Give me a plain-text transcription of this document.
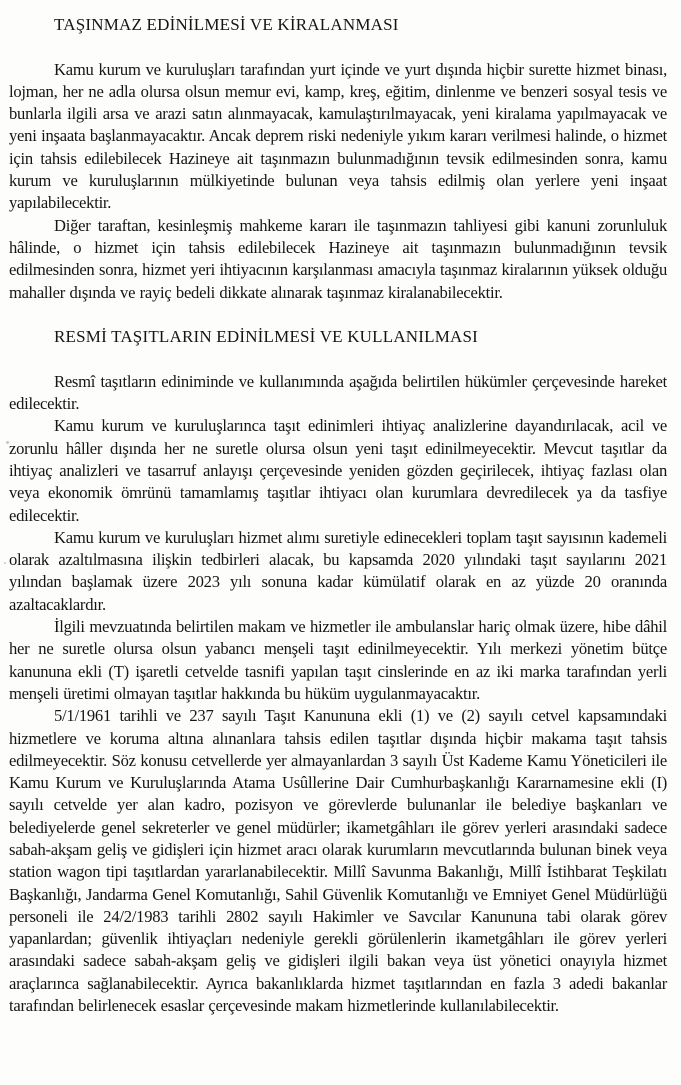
TAŞINMAZ EDİNİLMESİ VE KİRALANMASI

Kamu kurum ve kuruluşları tarafından yurt içinde ve yurt dışında hiçbir surette hizmet binası, lojman, her ne adla olursa olsun memur evi, kamp, kreş, eğitim, dinlenme ve benzeri sosyal tesis ve bunlarla ilgili arsa ve arazi satın alınmayacak, kamulaştırılmayacak, yeni kiralama yapılmayacak ve yeni inşaata başlanmayacaktır. Ancak deprem riski nedeniyle yıkım kararı verilmesi halinde, o hizmet için tahsis edilebilecek Hazineye ait taşınmazın bulunmadığının tevsik edilmesinden sonra, kamu kurum ve kuruluşlarının mülkiyetinde bulunan veya tahsis edilmiş olan yerlere yeni inşaat yapılabilecektir.

Diğer taraftan, kesinleşmiş mahkeme kararı ile taşınmazın tahliyesi gibi kanuni zorunluluk hâlinde, o hizmet için tahsis edilebilecek Hazineye ait taşınmazın bulunmadığının tevsik edilmesinden sonra, hizmet yeri ihtiyacının karşılanması amacıyla taşınmaz kiralarının yüksek olduğu mahaller dışında ve rayiç bedeli dikkate alınarak taşınmaz kiralanabilecektir.

RESMİ TAŞITLARIN EDİNİLMESİ VE KULLANILMASI

Resmî taşıtların ediniminde ve kullanımında aşağıda belirtilen hükümler çerçevesinde hareket edilecektir.

Kamu kurum ve kuruluşlarınca taşıt edinimleri ihtiyaç analizlerine dayandırılacak, acil ve zorunlu hâller dışında her ne suretle olursa olsun yeni taşıt edinilmeyecektir. Mevcut taşıtlar da ihtiyaç analizleri ve tasarruf anlayışı çerçevesinde yeniden gözden geçirilecek, ihtiyaç fazlası olan veya ekonomik ömrünü tamamlamış taşıtlar ihtiyacı olan kurumlara devredilecek ya da tasfiye edilecektir.

Kamu kurum ve kuruluşları hizmet alımı suretiyle edinecekleri toplam taşıt sayısının kademeli olarak azaltılmasına ilişkin tedbirleri alacak, bu kapsamda 2020 yılındaki taşıt sayılarını 2021 yılından başlamak üzere 2023 yılı sonuna kadar kümülatif olarak en az yüzde 20 oranında azaltacaklardır.

İlgili mevzuatında belirtilen makam ve hizmetler ile ambulanslar hariç olmak üzere, hibe dâhil her ne suretle olursa olsun yabancı menşeli taşıt edinilmeyecektir. Yılı merkezi yönetim bütçe kanununa ekli (T) işaretli cetvelde tasnifi yapılan taşıt cinslerinde en az iki marka tarafından yerli menşeli üretimi olmayan taşıtlar hakkında bu hüküm uygulanmayacaktır.

5/1/1961 tarihli ve 237 sayılı Taşıt Kanununa ekli (1) ve (2) sayılı cetvel kapsamındaki hizmetlere ve koruma altına alınanlara tahsis edilen taşıtlar dışında hiçbir makama taşıt tahsis edilmeyecektir. Söz konusu cetvellerde yer almayanlardan 3 sayılı Üst Kademe Kamu Yöneticileri ile Kamu Kurum ve Kuruluşlarında Atama Usûllerine Dair Cumhurbaşkanlığı Kararnamesine ekli (I) sayılı cetvelde yer alan kadro, pozisyon ve görevlerde bulunanlar ile belediye başkanları ve belediyelerde genel sekreterler ve genel müdürler; ikametgâhları ile görev yerleri arasındaki sadece sabah-akşam geliş ve gidişleri için hizmet aracı olarak kurumların mevcutlarında bulunan binek veya station wagon tipi taşıtlardan yararlanabilecektir. Millî Savunma Bakanlığı, Millî İstihbarat Teşkilatı Başkanlığı, Jandarma Genel Komutanlığı, Sahil Güvenlik Komutanlığı ve Emniyet Genel Müdürlüğü personeli ile 24/2/1983 tarihli 2802 sayılı Hakimler ve Savcılar Kanununa tabi olarak görev yapanlardan; güvenlik ihtiyaçları nedeniyle gerekli görülenlerin ikametgâhları ile görev yerleri arasındaki sadece sabah-akşam geliş ve gidişleri ilgili bakan veya üst yönetici onayıyla hizmet araçlarınca sağlanabilecektir. Ayrıca bakanlıklarda hizmet taşıtlarından en fazla 3 adedi bakanlar tarafından belirlenecek esaslar çerçevesinde makam hizmetlerinde kullanılabilecektir.
